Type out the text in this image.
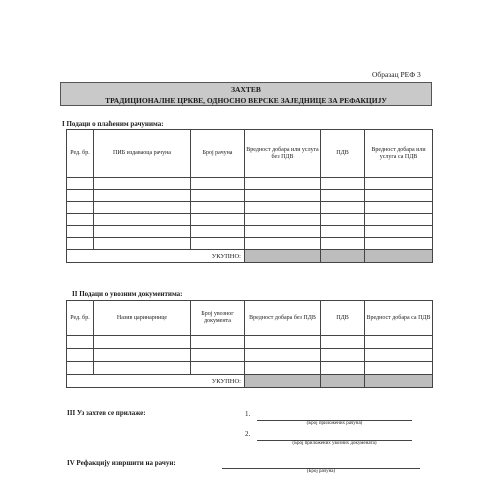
Образац РЕФ 3
ЗАХТЕВ
ТРАДИЦИОНАЛНЕ ЦРКВЕ, ОДНОСНО ВЕРСКЕ ЗАЈЕДНИЦЕ ЗА РЕФАКЦИЈУ
I Подаци о плаћеним рачунима:
Ред. бр.	ПИБ издаваоца рачуна	Број рачуна	Вредност добара или услуга без ПДВ	ПДВ	Вредност добара или услуга са ПДВ

УКУПНО:					
II Подаци о увозним документима:
Ред. бр.	Назив царинарнице	Број увозног документа	Вредност добара без ПДВ	ПДВ	Вредност добара са ПДВ

УКУПНО:					
III Уз захтев се прилаже:	1.
(Број приложених рачуна)
2.
(Број приложених увозних докумената)
IV Рефакцију извршити на рачун:
(Број рачуна)
